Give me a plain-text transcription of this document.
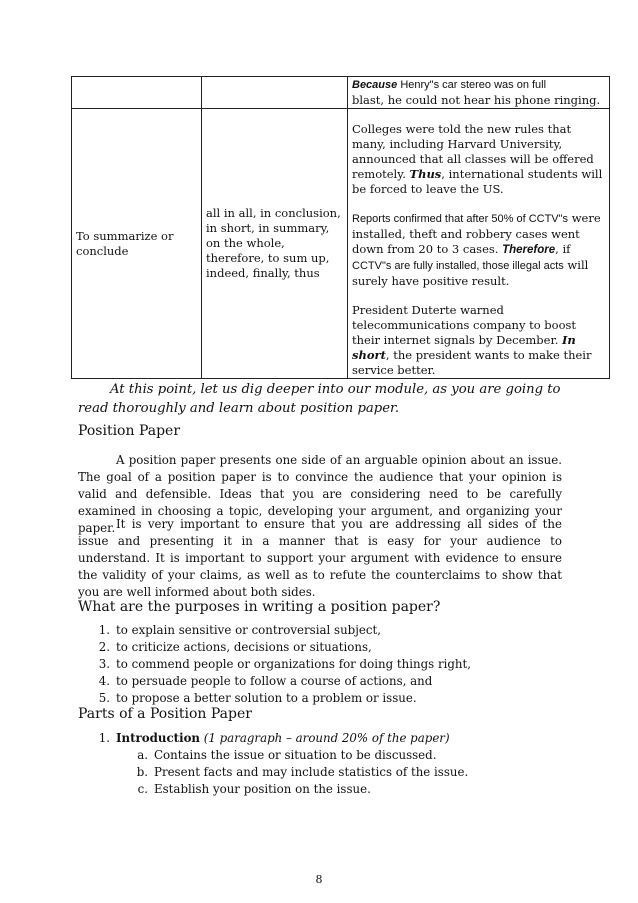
		Because Henry"s car stereo was on full
blast, he could not hear his phone ringing.
To summarize or conclude	all in all, in conclusion, in short, in summary, on the whole, therefore, to sum up, indeed, finally, thus	Colleges were told the new rules that many, including Harvard University, announced that all classes will be offered remotely. Thus, international students will be forced to leave the US.

Reports confirmed that after 50% of CCTV"s were installed, theft and robbery cases went down from 20 to 3 cases. Therefore, if CCTV"s are fully installed, those illegal acts will surely have positive result.

President Duterte warned telecommunications company to boost their internet signals by December. In short, the president wants to make their service better.

At this point, let us dig deeper into our module, as you are going to read thoroughly and learn about position paper.

Position Paper

A position paper presents one side of an arguable opinion about an issue. The goal of a position paper is to convince the audience that your opinion is valid and defensible. Ideas that you are considering need to be carefully examined in choosing a topic, developing your argument, and organizing your paper. It is very important to ensure that you are addressing all sides of the issue and presenting it in a manner that is easy for your audience to understand. It is important to support your argument with evidence to ensure the validity of your claims, as well as to refute the counterclaims to show that you are well informed about both sides.

What are the purposes in writing a position paper?
1. to explain sensitive or controversial subject,
2. to criticize actions, decisions or situations,
3. to commend people or organizations for doing things right,
4. to persuade people to follow a course of actions, and
5. to propose a better solution to a problem or issue.
Parts of a Position Paper
1. Introduction (1 paragraph – around 20% of the paper)
a. Contains the issue or situation to be discussed.
b. Present facts and may include statistics of the issue.
c. Establish your position on the issue.
8
